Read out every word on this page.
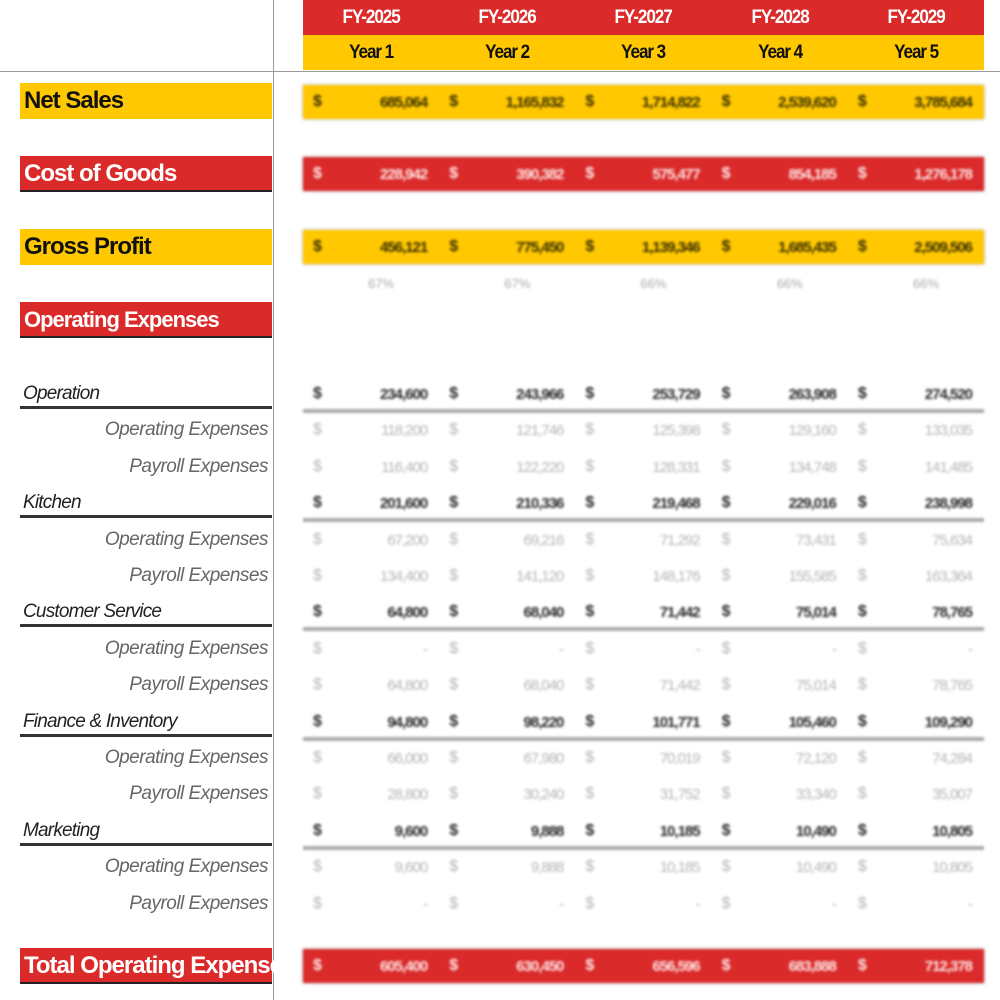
FY-2025	FY-2026	FY-2027	FY-2028	FY-2029
Year 1	Year 2	Year 3	Year 4	Year 5
Net Sales	$	685,064 $	1,165,832 $	1,714,822 $	2,539,620 $	3,785,684
Cost of Goods	$	228,942 $	390,382 $	575,477 $	854,185 $	1,276,178
Gross Profit	$	456,121 $	775,450 $	1,139,346 $	1,685,435 $	2,509,506
67%	67%	66%	66%	66%
Operating Expenses
Operation	$	234,600 $	243,966 $	253,729 $	263,908 $	274,520
Operating Expenses	$	118,200 $	121,746 $	125,398 $	129,160 $	133,035
Payroll Expenses	$	116,400 $	122,220 $	128,331 $	134,748 $	141,485
Kitchen	$	201,600 $	210,336 $	219,468 $	229,016 $	238,998
Operating Expenses	$	67,200 $	69,216 $	71,292 $	73,431 $	75,634
Payroll Expenses	$	134,400 $	141,120 $	148,176 $	155,585 $	163,364
Customer Service	$	64,800 $	68,040 $	71,442 $	75,014 $	78,765
Operating Expenses	$	- $	- $	- $	- $	-
Payroll Expenses	$	64,800 $	68,040 $	71,442 $	75,014 $	78,765
Finance & Inventory	$	94,800 $	98,220 $	101,771 $	105,460 $	109,290
Operating Expenses	$	66,000 $	67,980 $	70,019 $	72,120 $	74,284
Payroll Expenses	$	28,800 $	30,240 $	31,752 $	33,340 $	35,007
Marketing	$	9,600 $	9,888 $	10,185 $	10,490 $	10,805
Operating Expenses	$	9,600 $	9,888 $	10,185 $	10,490 $	10,805
Payroll Expenses	$	- $	- $	- $	- $	-
Total Operating Expenses $	605,400 $	630,450 $	656,596 $	683,888 $	712,378
